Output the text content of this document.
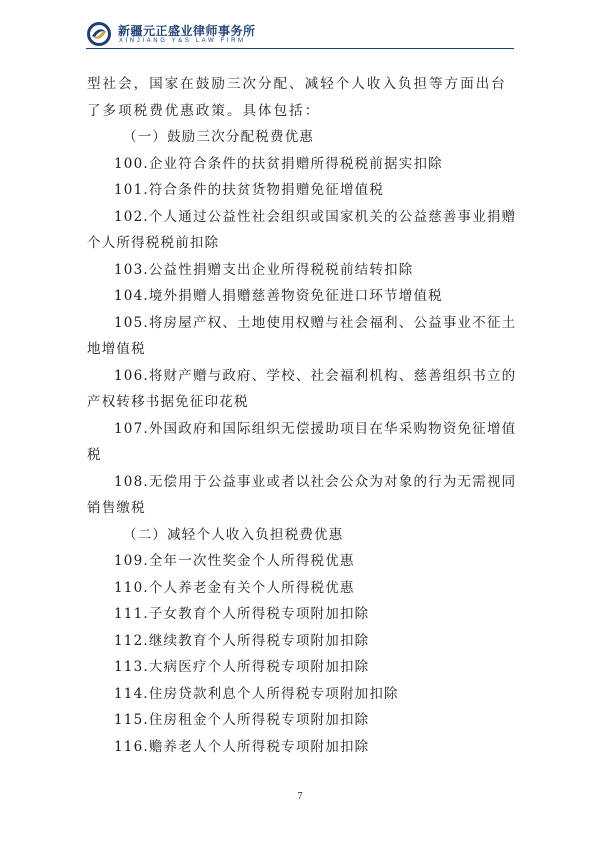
新疆元正盛业律师事务所
XINJIANG Y&S LAW FIRM

型社会，国家在鼓励三次分配、减轻个人收入负担等方面出台了多项税费优惠政策。具体包括：

（一）鼓励三次分配税费优惠

100.企业符合条件的扶贫捐赠所得税税前据实扣除

101.符合条件的扶贫货物捐赠免征增值税

102.个人通过公益性社会组织或国家机关的公益慈善事业捐赠个人所得税税前扣除

103.公益性捐赠支出企业所得税税前结转扣除

104.境外捐赠人捐赠慈善物资免征进口环节增值税

105.将房屋产权、土地使用权赠与社会福利、公益事业不征土地增值税

106.将财产赠与政府、学校、社会福利机构、慈善组织书立的产权转移书据免征印花税

107.外国政府和国际组织无偿援助项目在华采购物资免征增值税

108.无偿用于公益事业或者以社会公众为对象的行为无需视同销售缴税

（二）减轻个人收入负担税费优惠

109.全年一次性奖金个人所得税优惠

110.个人养老金有关个人所得税优惠

111.子女教育个人所得税专项附加扣除

112.继续教育个人所得税专项附加扣除

113.大病医疗个人所得税专项附加扣除

114.住房贷款利息个人所得税专项附加扣除

115.住房租金个人所得税专项附加扣除

116.赡养老人个人所得税专项附加扣除

7
